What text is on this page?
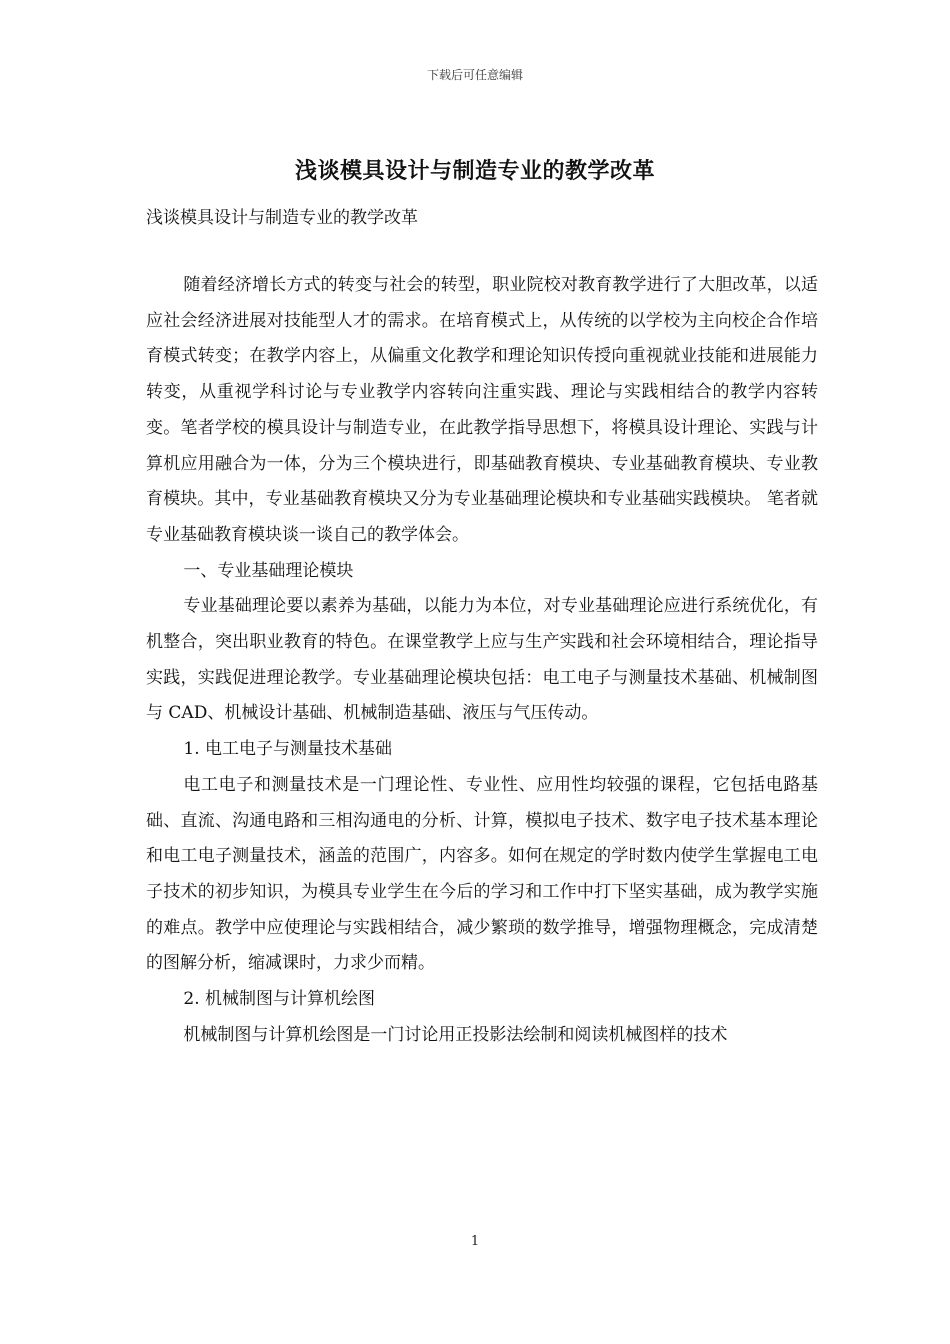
下载后可任意编辑
浅谈模具设计与制造专业的教学改革
浅谈模具设计与制造专业的教学改革

随着经济增长方式的转变与社会的转型，职业院校对教育教学进行了大胆改革，以适应社会经济进展对技能型人才的需求。在培育模式上，从传统的以学校为主向校企合作培育模式转变；在教学内容上，从偏重文化教学和理论知识传授向重视就业技能和进展能力转变，从重视学科讨论与专业教学内容转向注重实践、理论与实践相结合的教学内容转变。笔者学校的模具设计与制造专业，在此教学指导思想下，将模具设计理论、实践与计算机应用融合为一体，分为三个模块进行，即基础教育模块、专业基础教育模块、专业教育模块。其中，专业基础教育模块又分为专业基础理论模块和专业基础实践模块。 笔者就专业基础教育模块谈一谈自己的教学体会。

一、专业基础理论模块

专业基础理论要以素养为基础，以能力为本位，对专业基础理论应进行系统优化，有机整合，突出职业教育的特色。在课堂教学上应与生产实践和社会环境相结合，理论指导实践，实践促进理论教学。专业基础理论模块包括：电工电子与测量技术基础、机械制图与 CAD、机械设计基础、机械制造基础、液压与气压传动。

1. 电工电子与测量技术基础

电工电子和测量技术是一门理论性、专业性、应用性均较强的课程，它包括电路基础、直流、沟通电路和三相沟通电的分析、计算，模拟电子技术、数字电子技术基本理论和电工电子测量技术，涵盖的范围广，内容多。如何在规定的学时数内使学生掌握电工电子技术的初步知识，为模具专业学生在今后的学习和工作中打下坚实基础，成为教学实施的难点。教学中应使理论与实践相结合，减少繁琐的数学推导，增强物理概念，完成清楚的图解分析，缩减课时，力求少而精。

2. 机械制图与计算机绘图

机械制图与计算机绘图是一门讨论用正投影法绘制和阅读机械图样的技术

1
